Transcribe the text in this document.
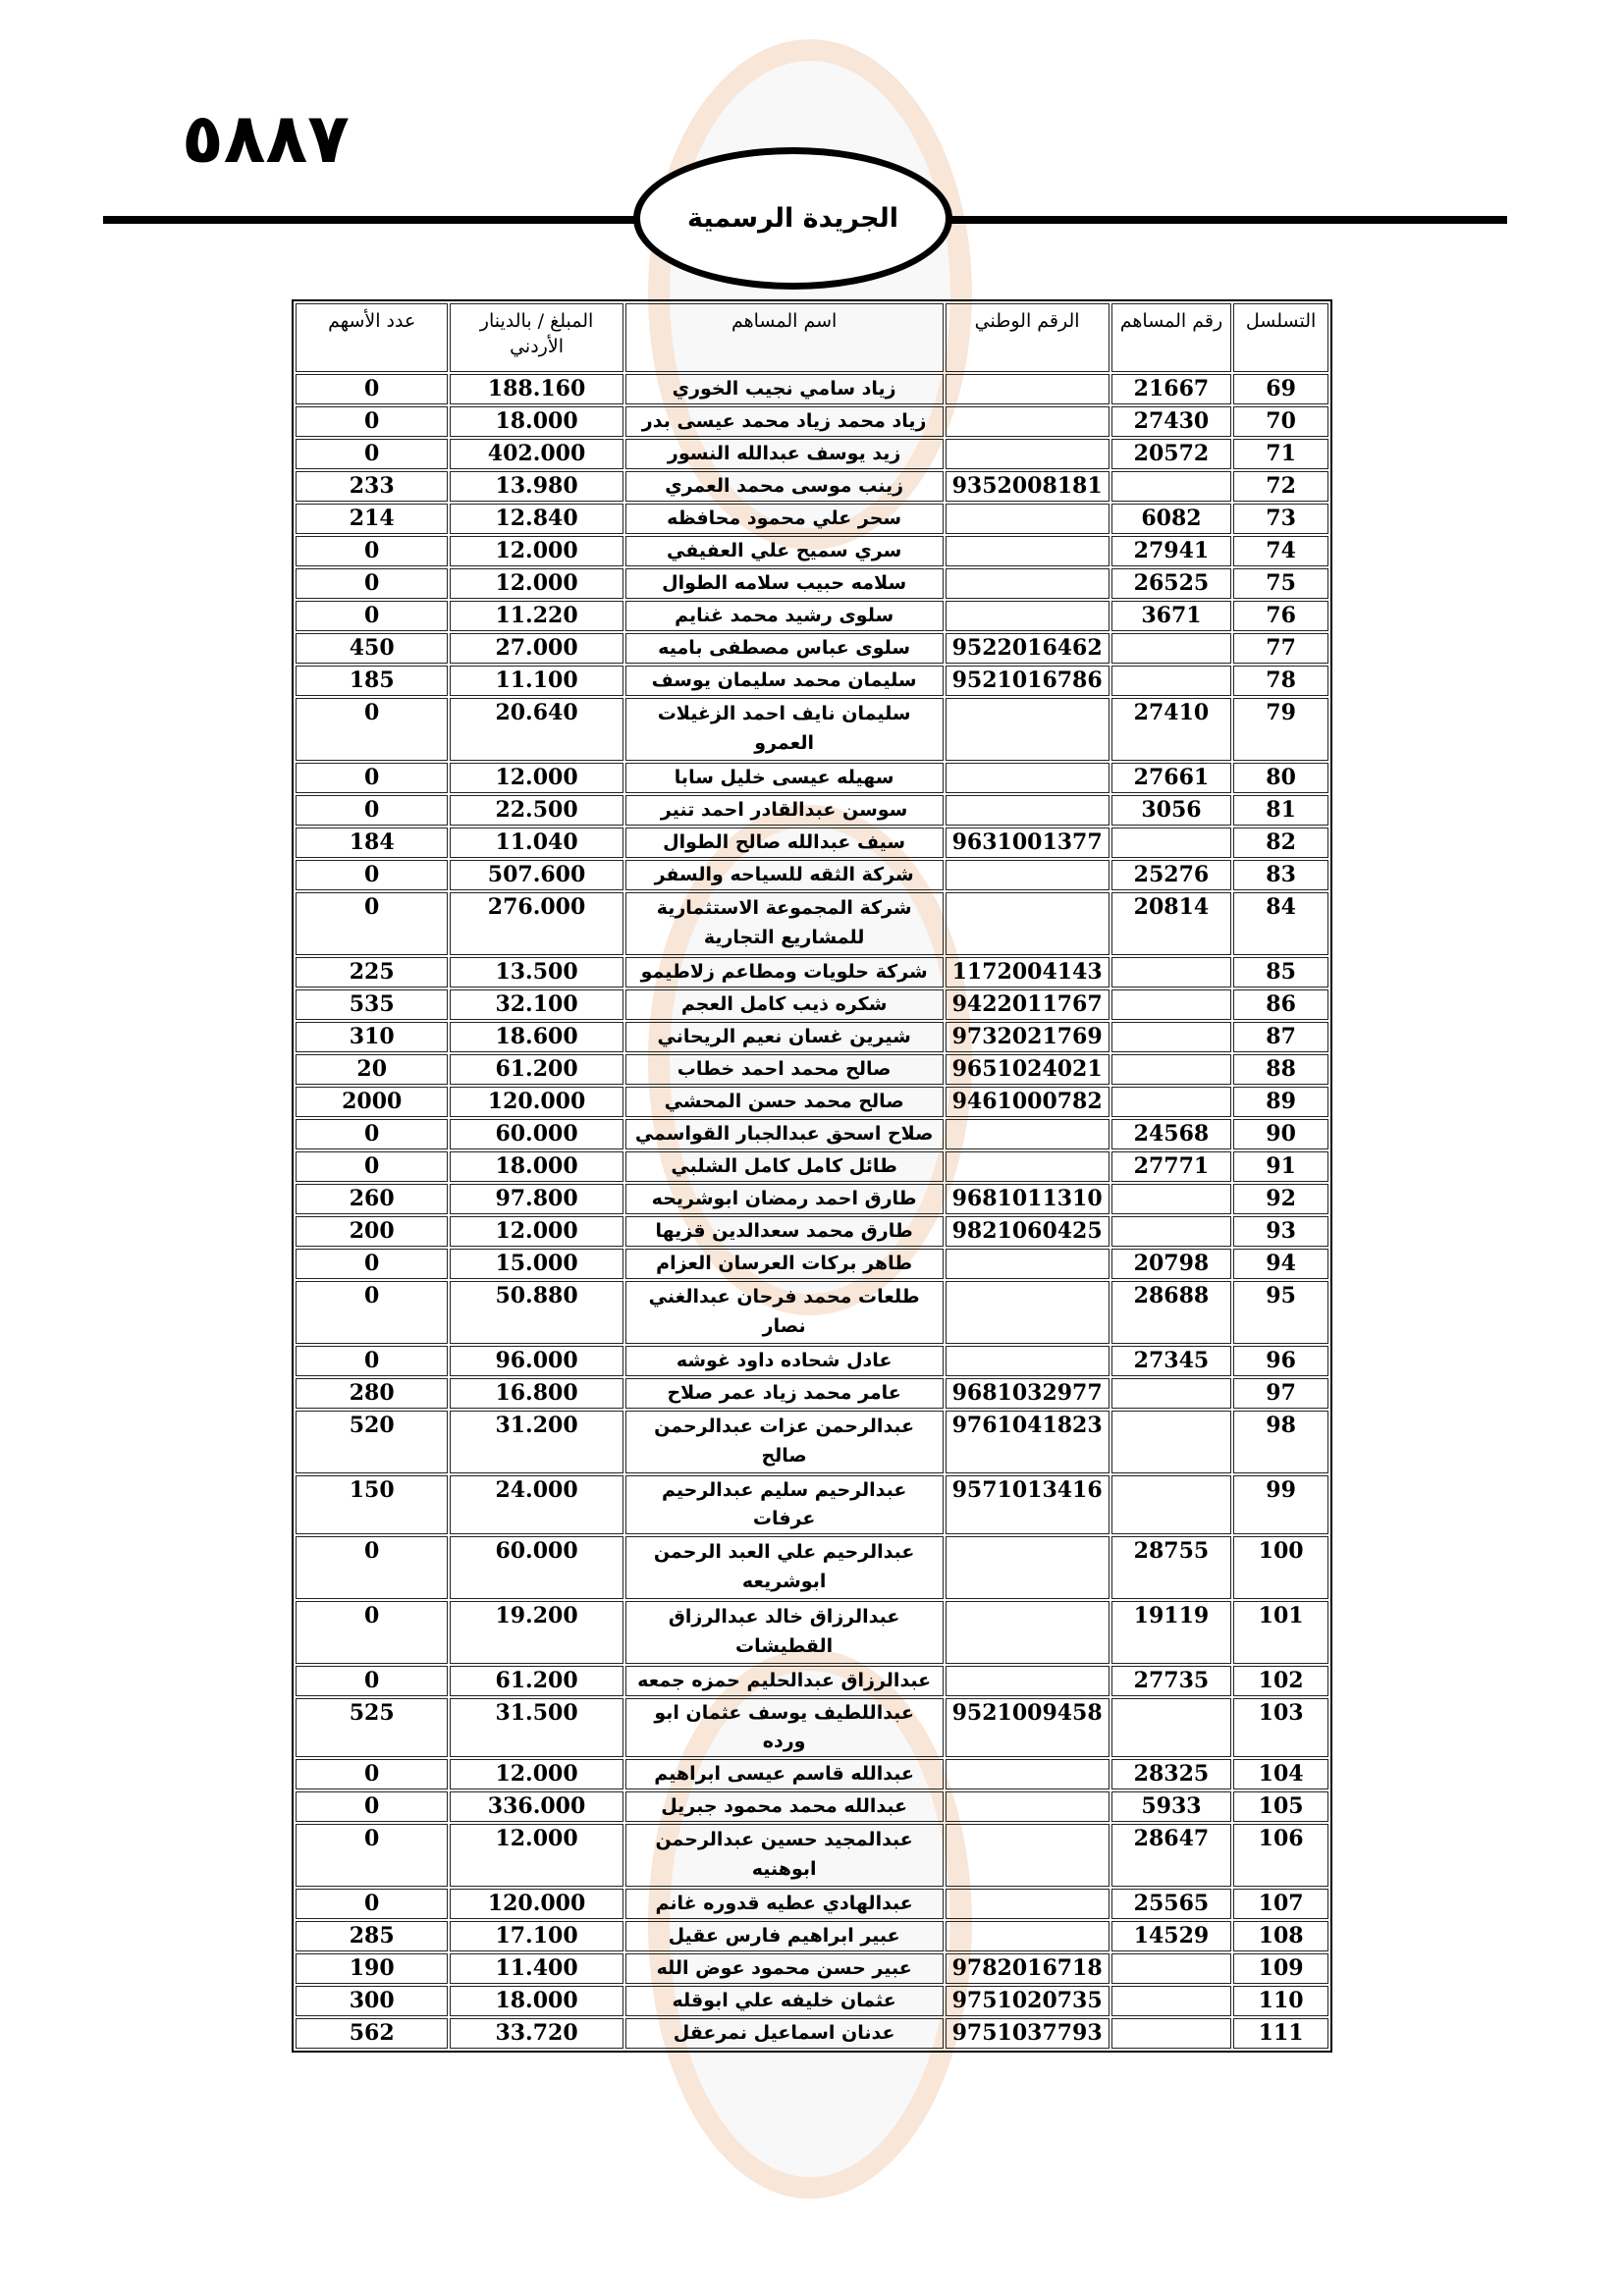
٥٨٨٧
الجريدة الرسمية
التسلسل	رقم المساهم	الرقم الوطني	اسم المساهم	المبلغ / بالدينار الأردني	عدد الأسهم
69	21667		زياد سامي نجيب الخوري	188.160	0
70	27430		زياد محمد زياد محمد عيسى بدر	18.000	0
71	20572		زيد يوسف عبدالله النسور	402.000	0
72		9352008181	زينب موسى محمد العمري	13.980	233
73	6082		سحر علي محمود محافظه	12.840	214
74	27941		سري سميح علي العفيفي	12.000	0
75	26525		سلامه حبيب سلامه الطوال	12.000	0
76	3671		سلوى رشيد محمد غنايم	11.220	0
77		9522016462	سلوى عباس مصطفى باميه	27.000	450
78		9521016786	سليمان محمد سليمان يوسف	11.100	185
79	27410		سليمان نايف احمد الزغيلات العمرو	20.640	0
80	27661		سهيله عيسى خليل سابا	12.000	0
81	3056		سوسن عبدالقادر احمد تنير	22.500	0
82		9631001377	سيف عبدالله صالح الطوال	11.040	184
83	25276		شركة الثقه للسياحه والسفر	507.600	0
84	20814		شركة المجموعة الاستثمارية للمشاريع التجارية	276.000	0
85		1172004143	شركة حلويات ومطاعم زلاطيمو	13.500	225
86		9422011767	شكره ذيب كامل العجم	32.100	535
87		9732021769	شيرين غسان نعيم الريحاني	18.600	310
88		9651024021	صالح محمد احمد خطاب	61.200	20
89		9461000782	صالح محمد حسن المحشي	120.000	2000
90	24568		صلاح اسحق عبدالجبار القواسمي	60.000	0
91	27771		طائل كامل كامل الشلبي	18.000	0
92		9681011310	طارق احمد رمضان ابوشريحه	97.800	260
93		9821060425	طارق محمد سعدالدين قزيها	12.000	200
94	20798		طاهر بركات العرسان العزام	15.000	0
95	28688		طلعات محمد فرحان عبدالغني نصار	50.880	0
96	27345		عادل شحاده داود غوشه	96.000	0
97		9681032977	عامر محمد زياد عمر صلاح	16.800	280
98		9761041823	عبدالرحمن عزات عبدالرحمن صالح	31.200	520
99		9571013416	عبدالرحيم سليم عبدالرحيم عرفات	24.000	150
100	28755		عبدالرحيم علي العبد الرحمن ابوشريعه	60.000	0
101	19119		عبدالرزاق خالد عبدالرزاق القطيشات	19.200	0
102	27735		عبدالرزاق عبدالحليم حمزه جمعه	61.200	0
103		9521009458	عبداللطيف يوسف عثمان ابو ورده	31.500	525
104	28325		عبدالله قاسم عيسى ابراهيم	12.000	0
105	5933		عبدالله محمد محمود جبريل	336.000	0
106	28647		عبدالمجيد حسين عبدالرحمن ابوهنيه	12.000	0
107	25565		عبدالهادي عطيه قدوره غانم	120.000	0
108	14529		عبير ابراهيم فارس عقيل	17.100	285
109		9782016718	عبير حسن محمود عوض الله	11.400	190
110		9751020735	عثمان خليفه علي ابوقله	18.000	300
111		9751037793	عدنان اسماعيل نمرعقل	33.720	562
